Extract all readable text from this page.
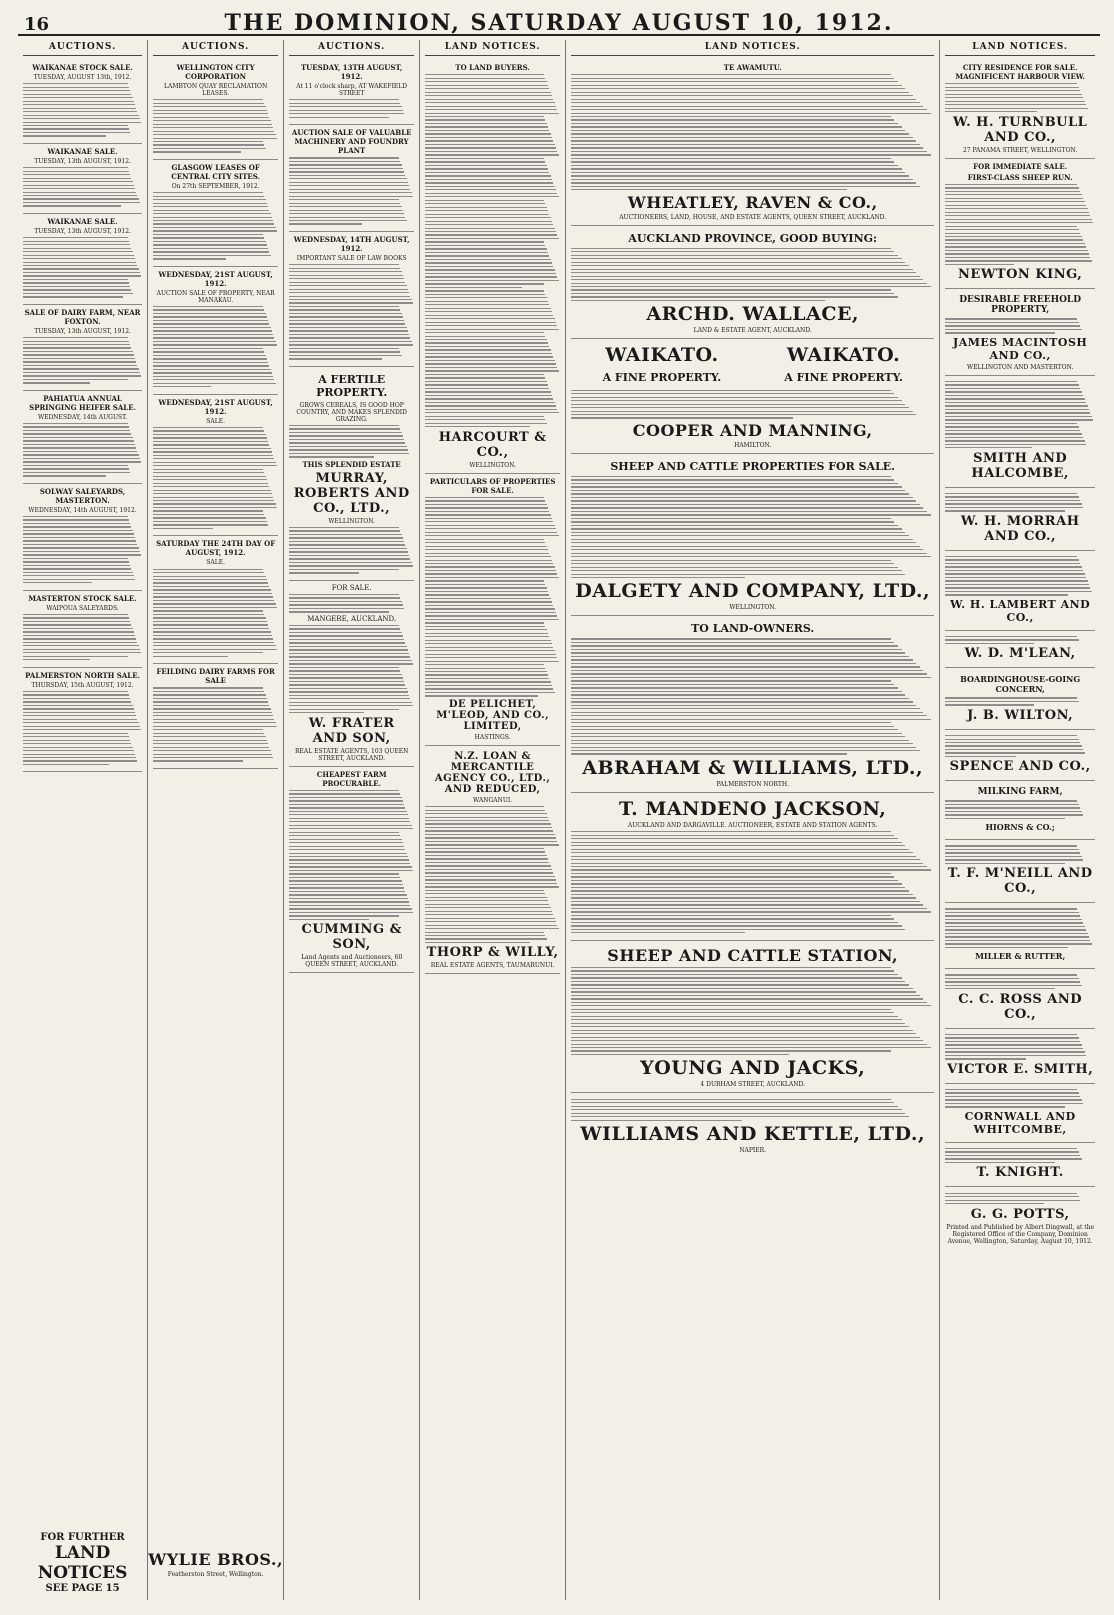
16	THE DOMINION, SATURDAY AUGUST 10, 1912.
AUCTIONS.
WAIKANAE STOCK SALE.
TUESDAY, AUGUST 13th, 1912.
WAIKANAE SALE.
TUESDAY, 13th AUGUST, 1912.
WAIKANAE SALE.
TUESDAY, 13th AUGUST, 1912.
SALE OF DAIRY FARM, NEAR FOXTON.
TUESDAY, 13th AUGUST, 1912.
PAHIATUA ANNUAL SPRINGING HEIFER SALE.
WEDNESDAY, 14th AUGUST.
SOLWAY SALEYARDS, MASTERTON.
WEDNESDAY, 14th AUGUST, 1912.
MASTERTON STOCK SALE.
WAIPOUA SALEYARDS.
PALMERSTON NORTH SALE.
THURSDAY, 15th AUGUST, 1912.
FOR FURTHER
LAND NOTICES
SEE PAGE 15
AUCTIONS.
WELLINGTON CITY CORPORATION
LAMBTON QUAY RECLAMATION LEASES.
GLASGOW LEASES OF CENTRAL CITY SITES.
On 27th SEPTEMBER, 1912.
WEDNESDAY, 21ST AUGUST, 1912.
AUCTION SALE OF PROPERTY, NEAR MANAKAU.
WEDNESDAY, 21ST AUGUST, 1912.
SALE.
SATURDAY THE 24TH DAY OF AUGUST, 1912.
SALE.
FEILDING DAIRY FARMS FOR SALE
WYLIE BROS.,
Featherston Street, Wellington.
AUCTIONS.
TUESDAY, 13TH AUGUST, 1912.
At 11 o'clock sharp, AT WAKEFIELD STREET
AUCTION SALE OF VALUABLE MACHINERY AND FOUNDRY PLANT
WEDNESDAY, 14TH AUGUST, 1912.
IMPORTANT SALE OF LAW BOOKS
A FERTILE PROPERTY.
GROWS CEREALS, IS GOOD HOP COUNTRY, AND MAKES SPLENDID GRAZING.
THIS SPLENDID ESTATE
MURRAY, ROBERTS AND CO., LTD.,
WELLINGTON.
FOR SALE.
MANGERE, AUCKLAND.
W. FRATER AND SON,
REAL ESTATE AGENTS, 103 QUEEN STREET, AUCKLAND.
CHEAPEST FARM PROCURABLE.
CUMMING & SON,
Land Agents and Auctioneers, 60 QUEEN STREET, AUCKLAND.
LAND NOTICES.
TO LAND BUYERS.
HARCOURT & CO.,
WELLINGTON.
PARTICULARS OF PROPERTIES FOR SALE.
DE PELICHET, M'LEOD, AND CO., LIMITED,
HASTINGS.
N.Z. LOAN & MERCANTILE AGENCY CO., LTD., AND REDUCED,
WANGANUI.
THORP & WILLY,
REAL ESTATE AGENTS, TAUMARUNUI.
LAND NOTICES.
TE AWAMUTU.
WHEATLEY, RAVEN & CO.,
AUCTIONEERS, LAND, HOUSE, AND ESTATE AGENTS, QUEEN STREET, AUCKLAND.
AUCKLAND PROVINCE, GOOD BUYING:
ARCHD. WALLACE,
LAND & ESTATE AGENT, AUCKLAND.
WAIKATO.	WAIKATO.
A FINE PROPERTY.	A FINE PROPERTY.
COOPER AND MANNING,
HAMILTON.
SHEEP AND CATTLE PROPERTIES FOR SALE.
DALGETY AND COMPANY, LTD.,
WELLINGTON.
TO LAND-OWNERS.
ABRAHAM & WILLIAMS, LTD.,
PALMERSTON NORTH.
T. MANDENO JACKSON,
AUCKLAND AND DARGAVILLE. AUCTIONEER, ESTATE AND STATION AGENTS.
SHEEP AND CATTLE STATION,
YOUNG AND JACKS,
4 DURHAM STREET, AUCKLAND.
WILLIAMS AND KETTLE, LTD.,
NAPIER.
LAND NOTICES.
CITY RESIDENCE FOR SALE. MAGNIFICENT HARBOUR VIEW.
W. H. TURNBULL AND CO.,
27 PANAMA STREET, WELLINGTON.
FOR IMMEDIATE SALE.
FIRST-CLASS SHEEP RUN.
NEWTON KING,
DESIRABLE FREEHOLD PROPERTY,
JAMES MACINTOSH AND CO.,
WELLINGTON AND MASTERTON.
SMITH AND HALCOMBE,
W. H. MORRAH AND CO.,
W. H. LAMBERT AND CO.,
W. D. M'LEAN,
BOARDINGHOUSE-GOING CONCERN,
J. B. WILTON,
SPENCE AND CO.,
MILKING FARM,
HIORNS & CO.;
T. F. M'NEILL AND CO.,
MILLER & RUTTER,
C. C. ROSS AND CO.,
VICTOR E. SMITH,
CORNWALL AND WHITCOMBE,
T. KNIGHT.
G. G. POTTS,
Printed and Published by Albert Dingwall, at the Registered Office of the Company, Dominion Avenue, Wellington, Saturday, August 10, 1912.
